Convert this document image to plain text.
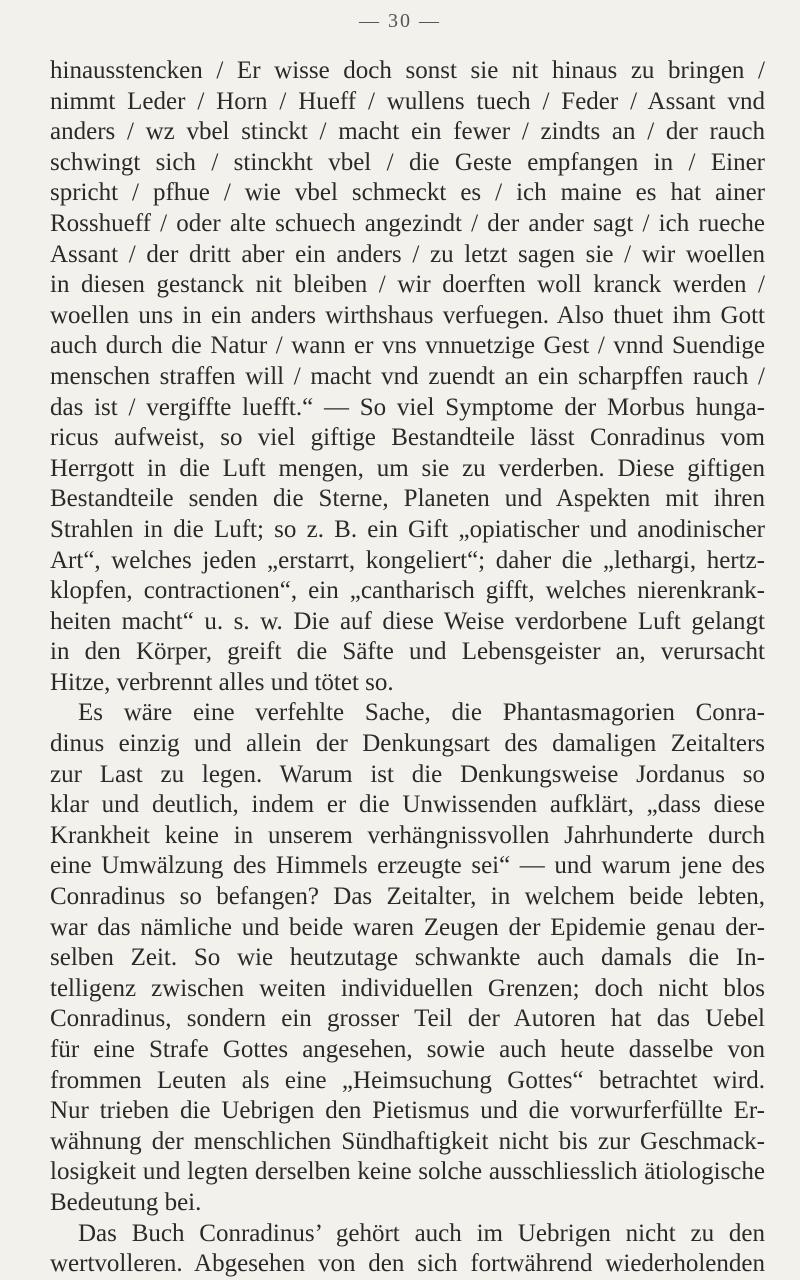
— 30 —
hinausstencken / Er wisse doch sonst sie nit hinaus zu bringen /
nimmt Leder / Horn / Hueff / wullens tuech / Feder / Assant vnd
anders / wz vbel stinckt / macht ein fewer / zindts an / der rauch
schwingt sich / stinckht vbel / die Geste empfangen in / Einer
spricht / pfhue / wie vbel schmeckt es / ich maine es hat ainer
Rosshueff / oder alte schuech angezindt / der ander sagt / ich rueche
Assant / der dritt aber ein anders / zu letzt sagen sie / wir woellen
in diesen gestanck nit bleiben / wir doerften woll kranck werden /
woellen uns in ein anders wirthshaus verfuegen. Also thuet ihm Gott
auch durch die Natur / wann er vns vnnuetzige Gest / vnnd Suendige
menschen straffen will / macht vnd zuendt an ein scharpffen rauch /
das ist / vergiffte luefft.“ — So viel Symptome der Morbus hunga-
ricus aufweist, so viel giftige Bestandteile lässt Conradinus vom
Herrgott in die Luft mengen, um sie zu verderben. Diese giftigen
Bestandteile senden die Sterne, Planeten und Aspekten mit ihren
Strahlen in die Luft; so z. B. ein Gift „opiatischer und anodinischer
Art“, welches jeden „erstarrt, kongeliert“; daher die „lethargi, hertz-
klopfen, contractionen“, ein „cantharisch gifft, welches nierenkrank-
heiten macht“ u. s. w. Die auf diese Weise verdorbene Luft gelangt
in den Körper, greift die Säfte und Lebensgeister an, verursacht
Hitze, verbrennt alles und tötet so.
Es wäre eine verfehlte Sache, die Phantasmagorien Conra-
dinus einzig und allein der Denkungsart des damaligen Zeitalters
zur Last zu legen. Warum ist die Denkungsweise Jordanus so
klar und deutlich, indem er die Unwissenden aufklärt, „dass diese
Krankheit keine in unserem verhängnissvollen Jahrhunderte durch
eine Umwälzung des Himmels erzeugte sei“ — und warum jene des
Conradinus so befangen? Das Zeitalter, in welchem beide lebten,
war das nämliche und beide waren Zeugen der Epidemie genau der-
selben Zeit. So wie heutzutage schwankte auch damals die In-
telligenz zwischen weiten individuellen Grenzen; doch nicht blos
Conradinus, sondern ein grosser Teil der Autoren hat das Uebel
für eine Strafe Gottes angesehen, sowie auch heute dasselbe von
frommen Leuten als eine „Heimsuchung Gottes“ betrachtet wird.
Nur trieben die Uebrigen den Pietismus und die vorwurferfüllte Er-
wähnung der menschlichen Sündhaftigkeit nicht bis zur Geschmack-
losigkeit und legten derselben keine solche ausschliesslich ätiologische
Bedeutung bei.
Das Buch Conradinus’ gehört auch im Uebrigen nicht zu den
wertvolleren. Abgesehen von den sich fortwährend wiederholenden
